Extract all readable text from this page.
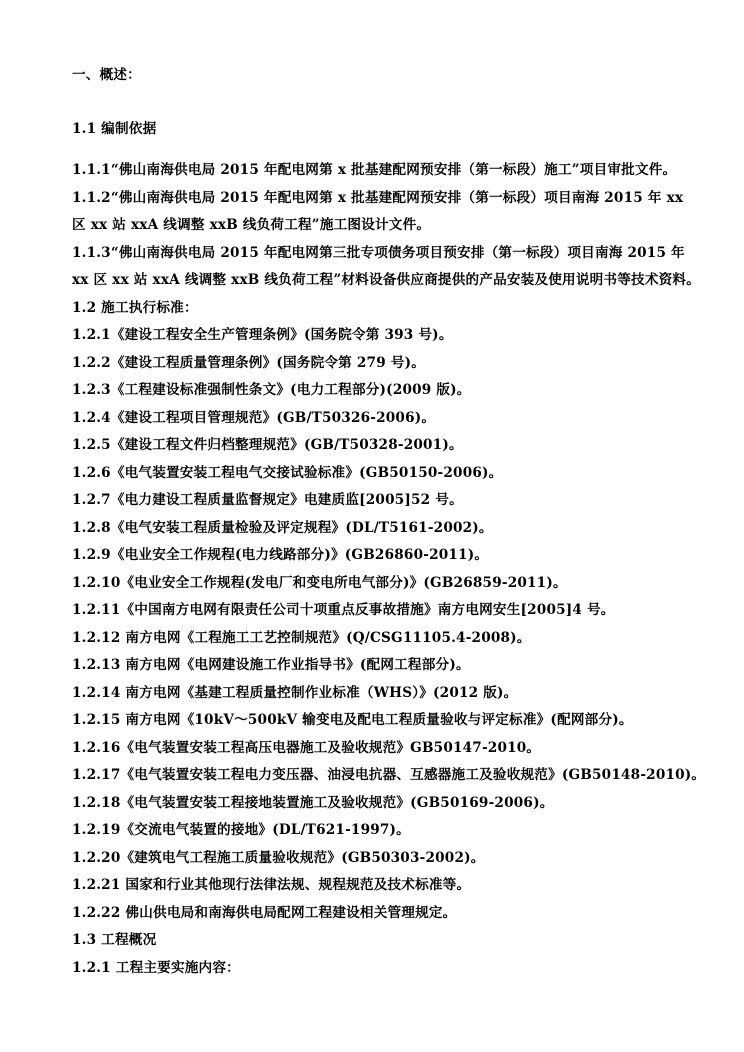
一、概述：
1.1 编制依据
1.1.1“佛山南海供电局 2015 年配电网第 x 批基建配网预安排（第一标段）施工”项目审批文件。
1.1.2“佛山南海供电局 2015 年配电网第 x 批基建配网预安排（第一标段）项目南海 2015 年 xx
区 xx 站 xxA 线调整 xxB 线负荷工程”施工图设计文件。
1.1.3“佛山南海供电局 2015 年配电网第三批专项债务项目预安排（第一标段）项目南海 2015 年
xx 区 xx 站 xxA 线调整 xxB 线负荷工程”材料设备供应商提供的产品安装及使用说明书等技术资料。
1.2 施工执行标准：
1.2.1《建设工程安全生产管理条例》(国务院令第 393 号)。
1.2.2《建设工程质量管理条例》(国务院令第 279 号)。
1.2.3《工程建设标准强制性条文》(电力工程部分)(2009 版)。
1.2.4《建设工程项目管理规范》(GB/T50326-2006)。
1.2.5《建设工程文件归档整理规范》(GB/T50328-2001)。
1.2.6《电气装置安装工程电气交接试验标准》(GB50150-2006)。
1.2.7《电力建设工程质量监督规定》电建质监[2005]52 号。
1.2.8《电气安装工程质量检验及评定规程》(DL/T5161-2002)。
1.2.9《电业安全工作规程(电力线路部分)》(GB26860-2011)。
1.2.10《电业安全工作规程(发电厂和变电所电气部分)》(GB26859-2011)。
1.2.11《中国南方电网有限责任公司十项重点反事故措施》南方电网安生[2005]4 号。
1.2.12 南方电网《工程施工工艺控制规范》(Q/CSG11105.4-2008)。
1.2.13 南方电网《电网建设施工作业指导书》(配网工程部分)。
1.2.14 南方电网《基建工程质量控制作业标准（WHS）》(2012 版)。
1.2.15 南方电网《10kV～500kV 输变电及配电工程质量验收与评定标准》(配网部分)。
1.2.16《电气装置安装工程高压电器施工及验收规范》GB50147-2010。
1.2.17《电气装置安装工程电力变压器、油浸电抗器、互感器施工及验收规范》(GB50148-2010)。
1.2.18《电气装置安装工程接地装置施工及验收规范》(GB50169-2006)。
1.2.19《交流电气装置的接地》(DL/T621-1997)。
1.2.20《建筑电气工程施工质量验收规范》(GB50303-2002)。
1.2.21 国家和行业其他现行法律法规、规程规范及技术标准等。
1.2.22 佛山供电局和南海供电局配网工程建设相关管理规定。
1.3 工程概况
1.2.1 工程主要实施内容：
